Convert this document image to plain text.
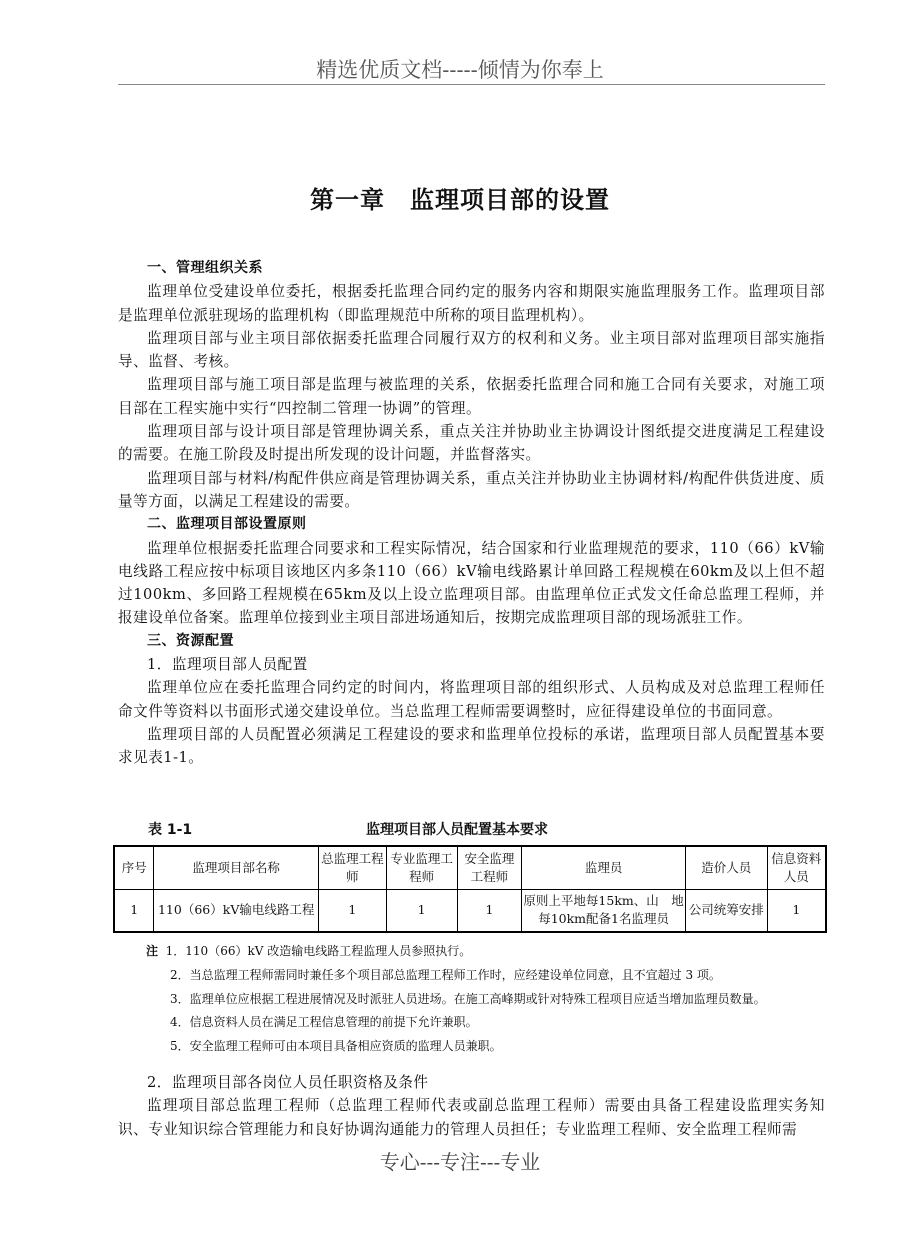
精选优质文档-----倾情为你奉上
第一章　监理项目部的设置

一、管理组织关系

监理单位受建设单位委托，根据委托监理合同约定的服务内容和期限实施监理服务工作。监理项目部是监理单位派驻现场的监理机构（即监理规范中所称的项目监理机构）。

监理项目部与业主项目部依据委托监理合同履行双方的权利和义务。业主项目部对监理项目部实施指导、监督、考核。

监理项目部与施工项目部是监理与被监理的关系，依据委托监理合同和施工合同有关要求，对施工项目部在工程实施中实行“四控制二管理一协调”的管理。

监理项目部与设计项目部是管理协调关系，重点关注并协助业主协调设计图纸提交进度满足工程建设的需要。在施工阶段及时提出所发现的设计问题，并监督落实。

监理项目部与材料/构配件供应商是管理协调关系，重点关注并协助业主协调材料/构配件供货进度、质量等方面，以满足工程建设的需要。

二、监理项目部设置原则

监理单位根据委托监理合同要求和工程实际情况，结合国家和行业监理规范的要求，110（66）kV输电线路工程应按中标项目该地区内多条110（66）kV输电线路累计单回路工程规模在60km及以上但不超过100km、多回路工程规模在65km及以上设立监理项目部。由监理单位正式发文任命总监理工程师，并报建设单位备案。监理单位接到业主项目部进场通知后，按期完成监理项目部的现场派驻工作。

三、资源配置

1．监理项目部人员配置

监理单位应在委托监理合同约定的时间内，将监理项目部的组织形式、人员构成及对总监理工程师任命文件等资料以书面形式递交建设单位。当总监理工程师需要调整时，应征得建设单位的书面同意。

监理项目部的人员配置必须满足工程建设的要求和监理单位投标的承诺，监理项目部人员配置基本要求见表1-1。

表 1-1	监理项目部人员配置基本要求
序号	监理项目部名称	总监理工程师	专业监理工程师	安全监理工程师	监理员	造价人员	信息资料人员
1	110（66）kV输电线路工程	1	1	1	原则上平地每15km、山　地每10km配备1名监理员	公司统筹安排	1
注 1．110（66）kV 改造输电线路工程监理人员参照执行。
2．当总监理工程师需同时兼任多个项目部总监理工程师工作时，应经建设单位同意，且不宜超过 3 项。
3．监理单位应根据工程进展情况及时派驻人员进场。在施工高峰期或针对特殊工程项目应适当增加监理员数量。
4．信息资料人员在满足工程信息管理的前提下允许兼职。
5．安全监理工程师可由本项目具备相应资质的监理人员兼职。

2．监理项目部各岗位人员任职资格及条件

监理项目部总监理工程师（总监理工程师代表或副总监理工程师）需要由具备工程建设监理实务知识、专业知识综合管理能力和良好协调沟通能力的管理人员担任；专业监理工程师、安全监理工程师需

专心---专注---专业
